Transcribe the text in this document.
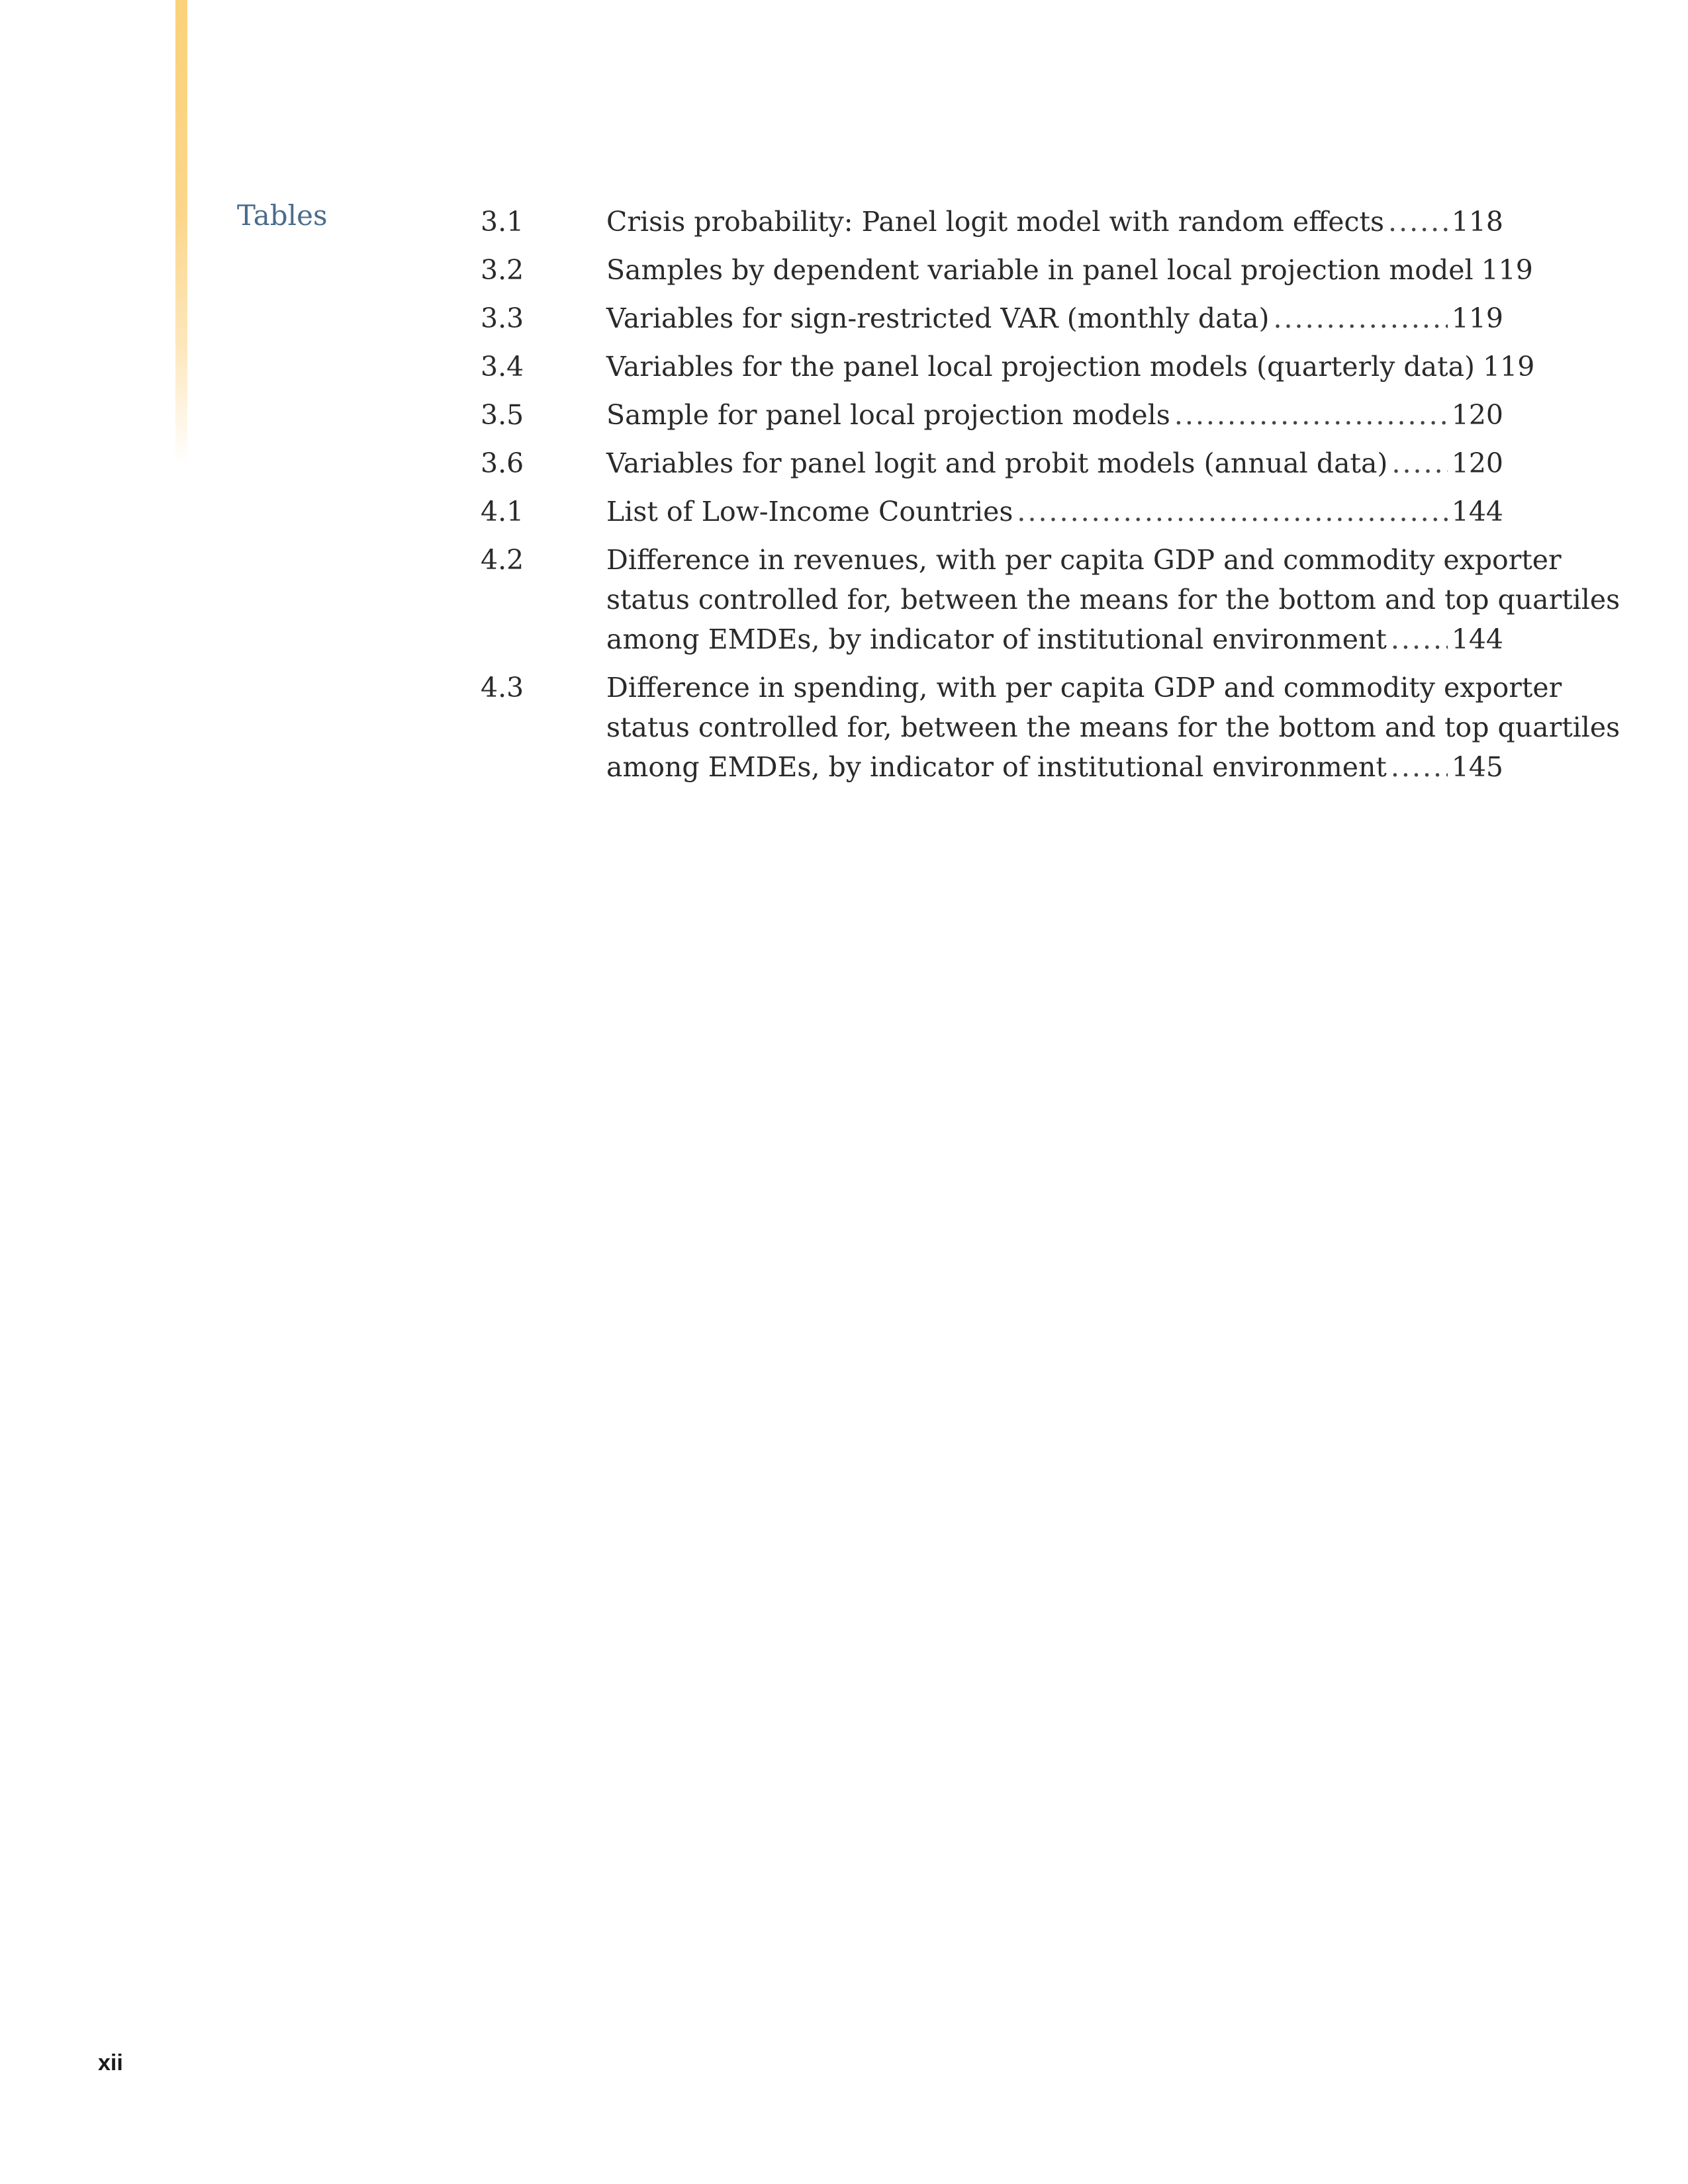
Tables	3.1	Crisis probability: Panel logit model with random effects ..... 118
3.2	Samples by dependent variable in panel local projection model 119
3.3	Variables for sign-restricted VAR (monthly data) .....	119
3.4	Variables for the panel local projection models (quarterly data) 119
3.5	Sample for panel local projection models .....	120
3.6	Variables for panel logit and probit models (annual data) ..... 120
4.1	List of Low-Income Countries .....	144
4.2	Difference in revenues, with per capita GDP and commodity exporter
status controlled for, between the means for the bottom and top quartiles
among EMDEs, by indicator of institutional environment ..... 144
4.3	Difference in spending, with per capita GDP and commodity exporter
status controlled for, between the means for the bottom and top quartiles
among EMDEs, by indicator of institutional environment ..... 145
xii
